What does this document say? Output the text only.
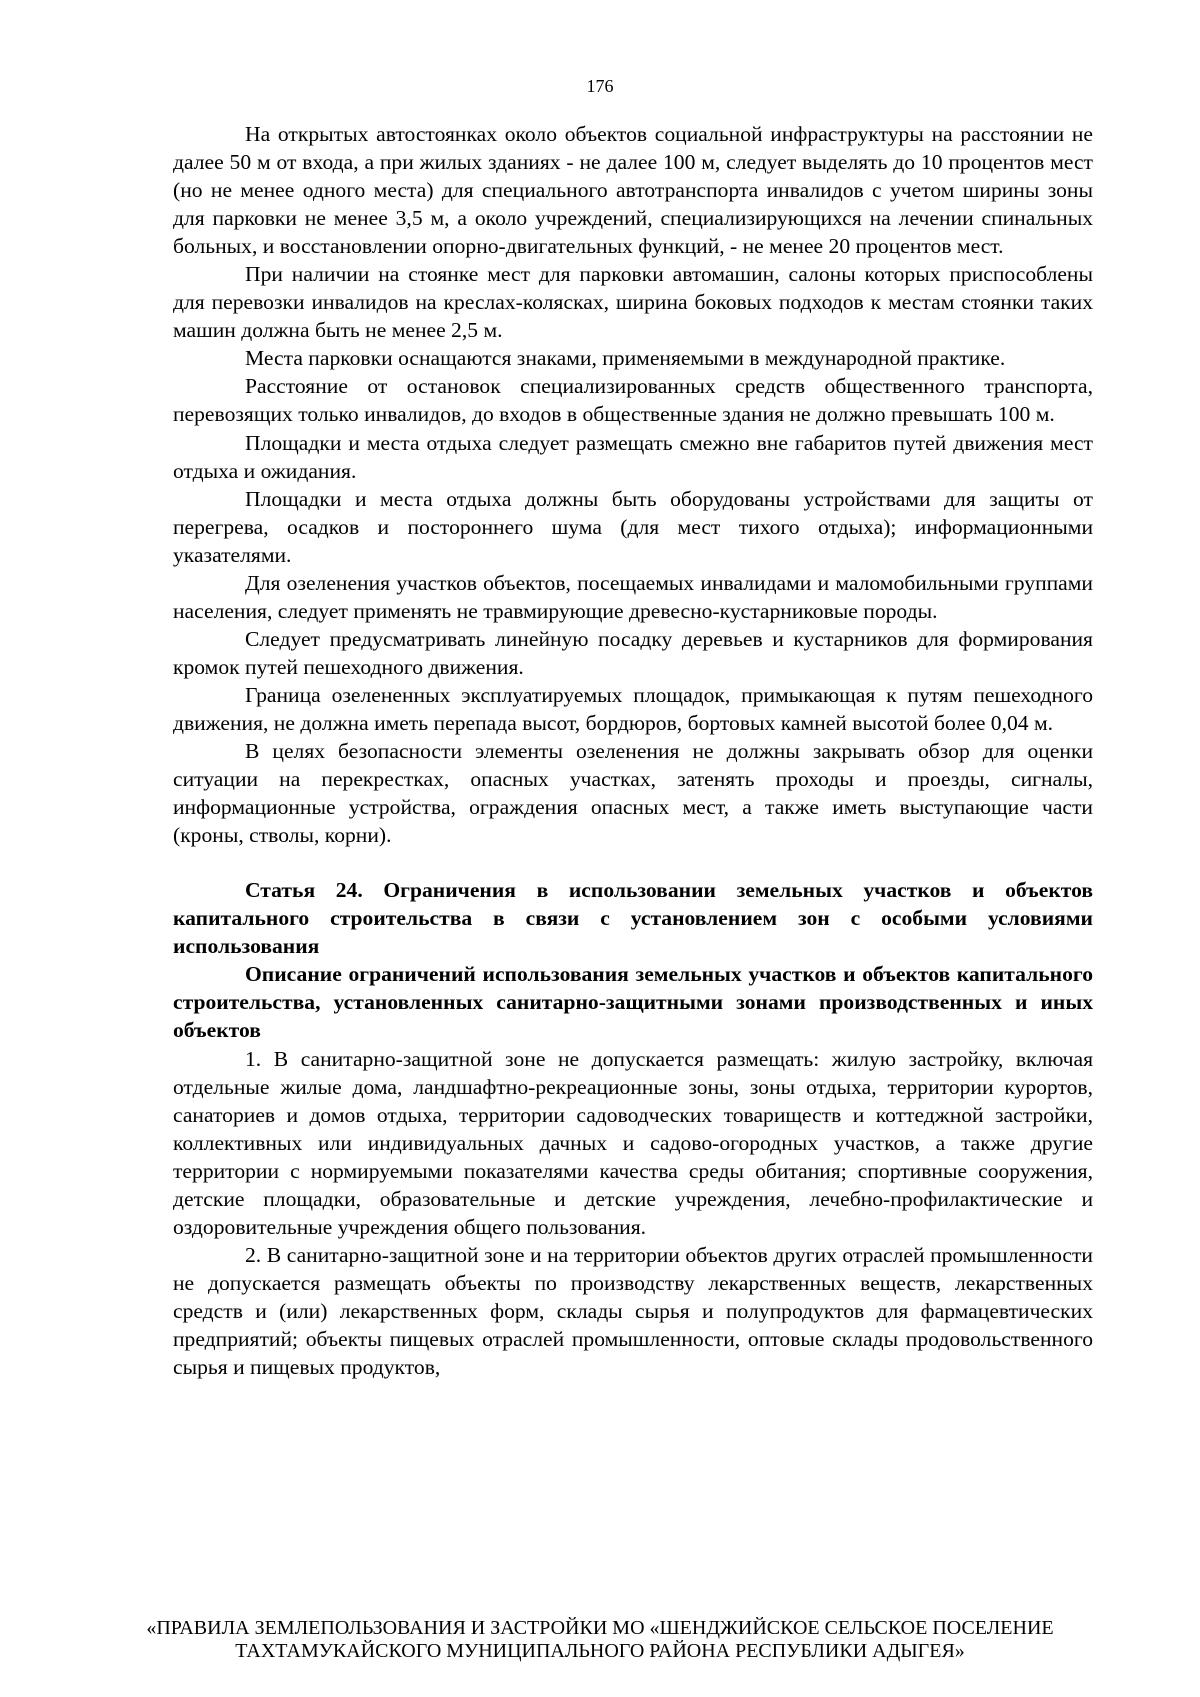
176

На открытых автостоянках около объектов социальной инфраструктуры на расстоянии не далее 50 м от входа, а при жилых зданиях - не далее 100 м, следует выделять до 10 процентов мест (но не менее одного места) для специального автотранспорта инвалидов с учетом ширины зоны для парковки не менее 3,5 м, а около учреждений, специализирующихся на лечении спинальных больных, и восстановлении опорно-двигательных функций, - не менее 20 процентов мест.

При наличии на стоянке мест для парковки автомашин, салоны которых приспособлены для перевозки инвалидов на креслах-колясках, ширина боковых подходов к местам стоянки таких машин должна быть не менее 2,5 м.

Места парковки оснащаются знаками, применяемыми в международной практике.

Расстояние от остановок специализированных средств общественного транспорта, перевозящих только инвалидов, до входов в общественные здания не должно превышать 100 м.

Площадки и места отдыха следует размещать смежно вне габаритов путей движения мест отдыха и ожидания.

Площадки и места отдыха должны быть оборудованы устройствами для защиты от перегрева, осадков и постороннего шума (для мест тихого отдыха); информационными указателями.

Для озеленения участков объектов, посещаемых инвалидами и маломобильными группами населения, следует применять не травмирующие древесно-кустарниковые породы.

Следует предусматривать линейную посадку деревьев и кустарников для формирования кромок путей пешеходного движения.

Граница озелененных эксплуатируемых площадок, примыкающая к путям пешеходного движения, не должна иметь перепада высот, бордюров, бортовых камней высотой более 0,04 м.

В целях безопасности элементы озеленения не должны закрывать обзор для оценки ситуации на перекрестках, опасных участках, затенять проходы и проезды, сигналы, информационные устройства, ограждения опасных мест, а также иметь выступающие части (кроны, стволы, корни).

Статья 24. Ограничения в использовании земельных участков и объектов капитального строительства в связи с установлением зон с особыми условиями использования

Описание ограничений использования земельных участков и объектов капитального строительства, установленных санитарно-защитными зонами производственных и иных объектов

1. В санитарно-защитной зоне не допускается размещать: жилую застройку, включая отдельные жилые дома, ландшафтно-рекреационные зоны, зоны отдыха, территории курортов, санаториев и домов отдыха, территории садоводческих товариществ и коттеджной застройки, коллективных или индивидуальных дачных и садово-огородных участков, а также другие территории с нормируемыми показателями качества среды обитания; спортивные сооружения, детские площадки, образовательные и детские учреждения, лечебно-профилактические и оздоровительные учреждения общего пользования.

2. В санитарно-защитной зоне и на территории объектов других отраслей промышленности не допускается размещать объекты по производству лекарственных веществ, лекарственных средств и (или) лекарственных форм, склады сырья и полупродуктов для фармацевтических предприятий; объекты пищевых отраслей промышленности, оптовые склады продовольственного сырья и пищевых продуктов,

«ПРАВИЛА ЗЕМЛЕПОЛЬЗОВАНИЯ И ЗАСТРОЙКИ МО «ШЕНДЖИЙСКОЕ СЕЛЬСКОЕ ПОСЕЛЕНИЕ
ТАХТАМУКАЙСКОГО МУНИЦИПАЛЬНОГО РАЙОНА РЕСПУБЛИКИ АДЫГЕЯ»
